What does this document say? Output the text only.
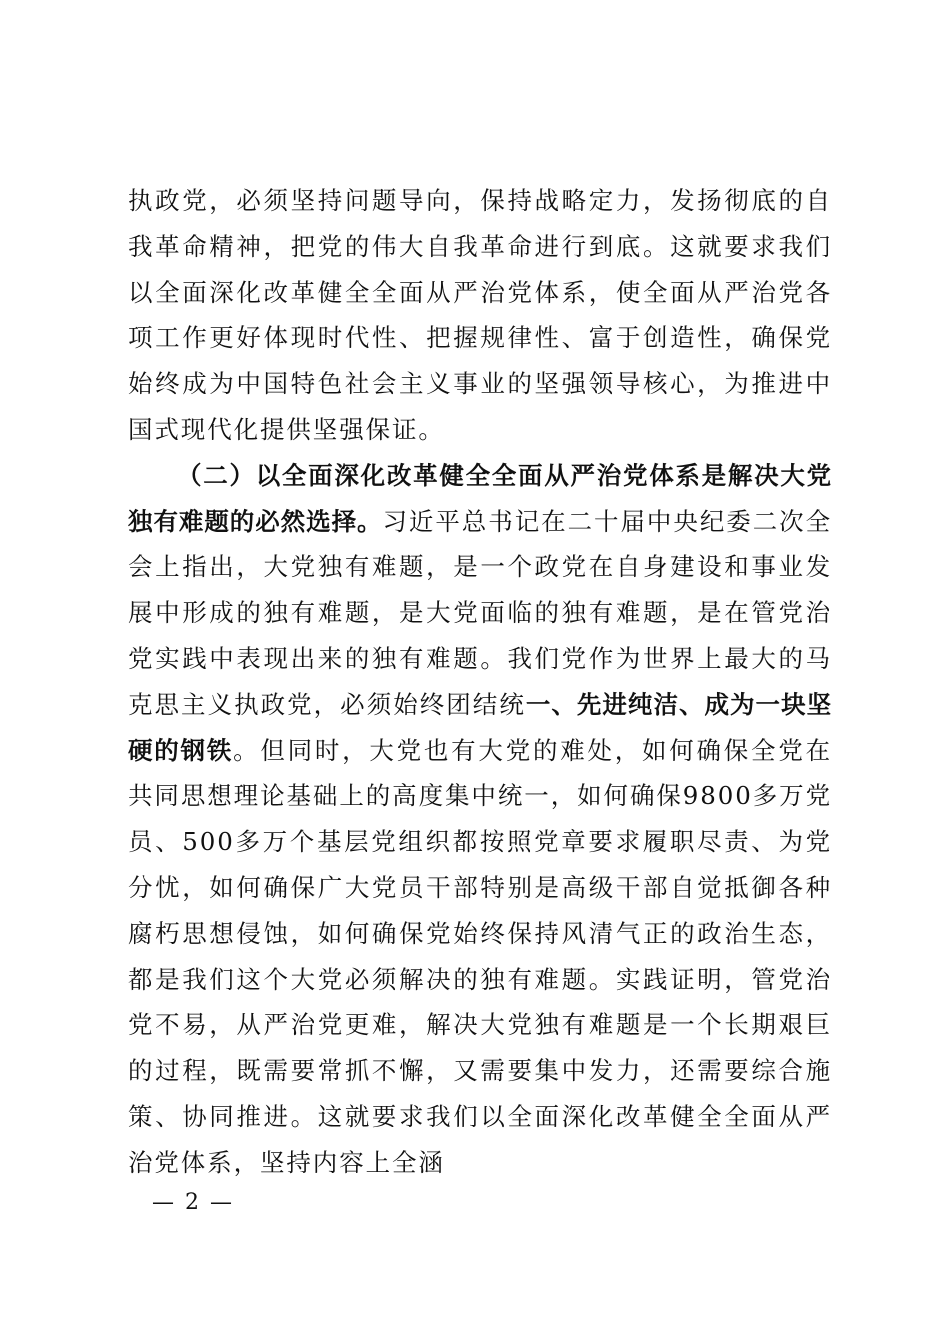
执政党，必须坚持问题导向，保持战略定力，发扬彻底的自我革命精神，把党的伟大自我革命进行到底。这就要求我们以全面深化改革健全全面从严治党体系，使全面从严治党各项工作更好体现时代性、把握规律性、富于创造性，确保党始终成为中国特色社会主义事业的坚强领导核心，为推进中国式现代化提供坚强保证。

（二）以全面深化改革健全全面从严治党体系是解决大党独有难题的必然选择。习近平总书记在二十届中央纪委二次全会上指出，大党独有难题，是一个政党在自身建设和事业发展中形成的独有难题，是大党面临的独有难题，是在管党治党实践中表现出来的独有难题。我们党作为世界上最大的马克思主义执政党，必须始终团结统一、先进纯洁、成为一块坚硬的钢铁。但同时，大党也有大党的难处，如何确保全党在共同思想理论基础上的高度集中统一，如何确保9800多万党员、500多万个基层党组织都按照党章要求履职尽责、为党分忧，如何确保广大党员干部特别是高级干部自觉抵御各种腐朽思想侵蚀，如何确保党始终保持风清气正的政治生态，都是我们这个大党必须解决的独有难题。实践证明，管党治党不易，从严治党更难，解决大党独有难题是一个长期艰巨的过程，既需要常抓不懈，又需要集中发力，还需要综合施策、协同推进。这就要求我们以全面深化改革健全全面从严治党体系，坚持内容上全涵

— 2 —
